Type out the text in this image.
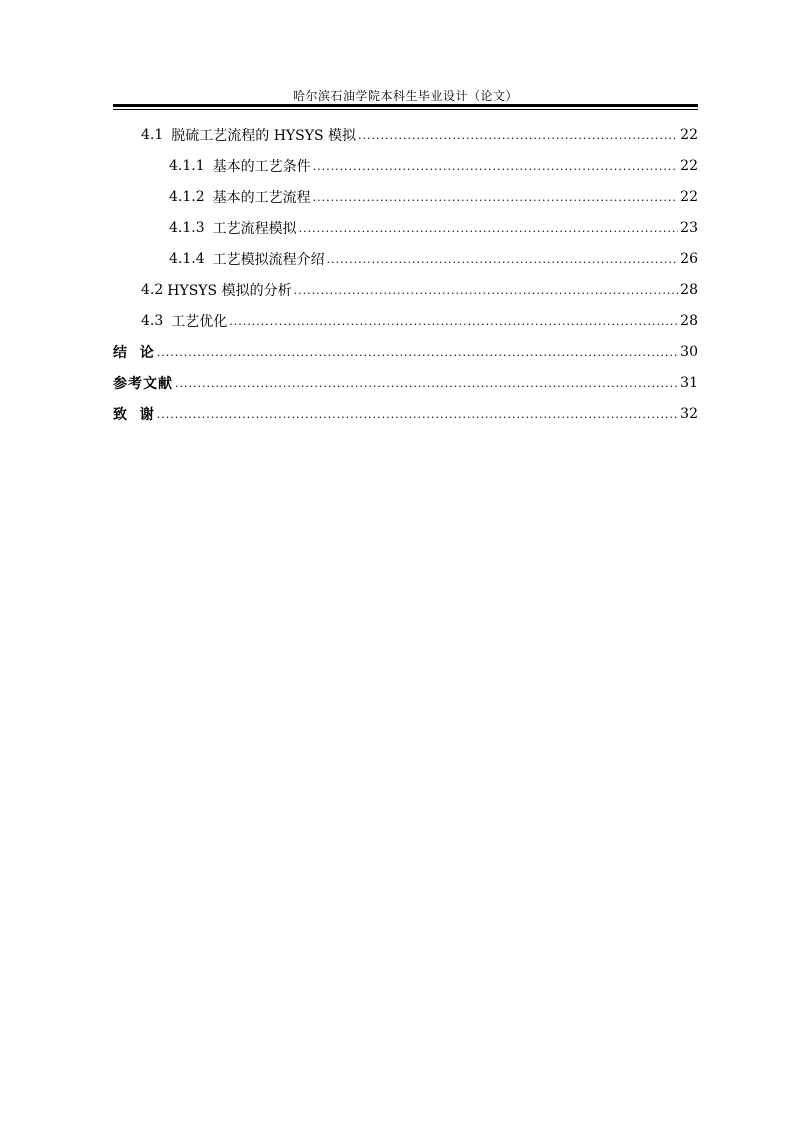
哈尔滨石油学院本科生毕业设计（论文）
4.1 脱硫工艺流程的 HYSYS 模拟 .....	22
4.1.1 基本的工艺条件 .....	22
4.1.2 基本的工艺流程 .....	22
4.1.3 工艺流程模拟 .....	23
4.1.4 工艺模拟流程介绍 .....	26
4.2 HYSYS 模拟的分析 .....	28
4.3 工艺优化 .....	28
结  论 .....	30
参考文献 .....	31
致  谢 .....	32
